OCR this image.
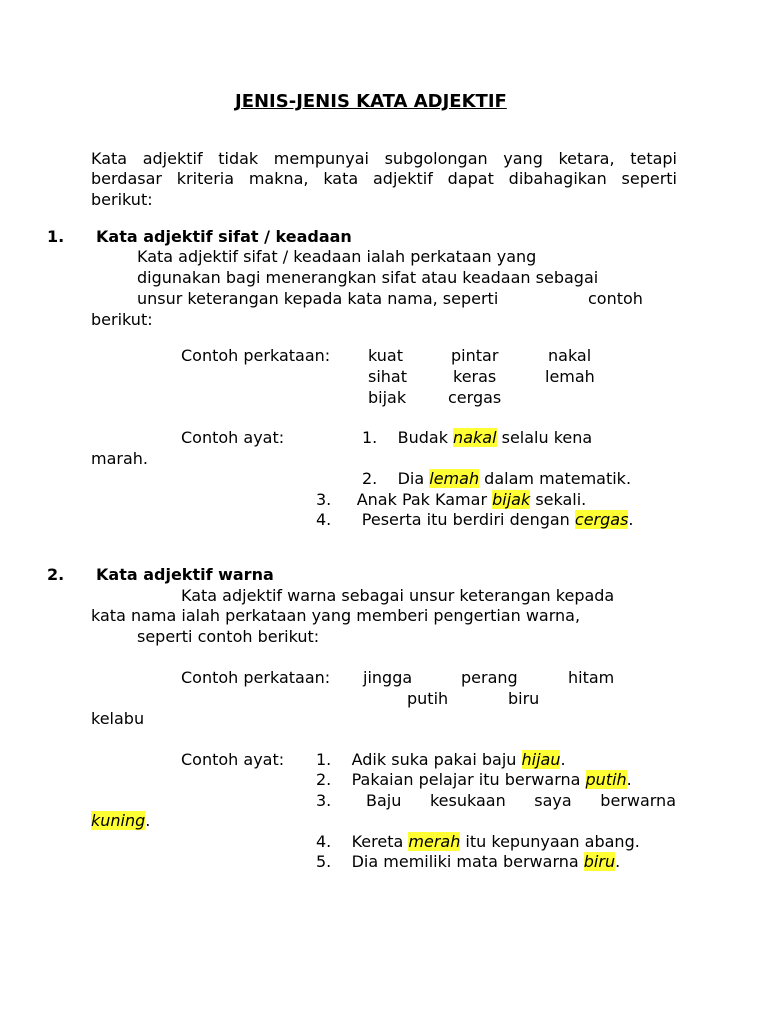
JENIS-JENIS KATA ADJEKTIF
Kata adjektif tidak mempunyai subgolongan yang ketara, tetapi
berdasar kriteria makna, kata adjektif dapat dibahagikan seperti
berikut:
1. Kata adjektif sifat / keadaan
Kata adjektif sifat / keadaan ialah perkataan yang
digunakan bagi menerangkan sifat atau keadaan sebagai
unsur keterangan kepada kata nama, seperti	contoh
berikut:
Contoh perkataan: kuat	pintar	nakal
sihat	keras	lemah
bijak	cergas
Contoh ayat:	1. Budak nakal selalu kena
marah.
2. Dia lemah dalam matematik.
3. Anak Pak Kamar bijak sekali.
4. Peserta itu berdiri dengan cergas.
2. Kata adjektif warna
Kata adjektif warna sebagai unsur keterangan kepada
kata nama ialah perkataan yang memberi pengertian warna,
seperti contoh berikut:
Contoh perkataan: jingga	perang	hitam
putih	biru
kelabu
Contoh ayat: 1. Adik suka pakai baju hijau.
2. Pakaian pelajar itu berwarna putih.
3. Baju kesukaan saya berwarna
kuning.
4. Kereta merah itu kepunyaan abang.
5. Dia memiliki mata berwarna biru.
